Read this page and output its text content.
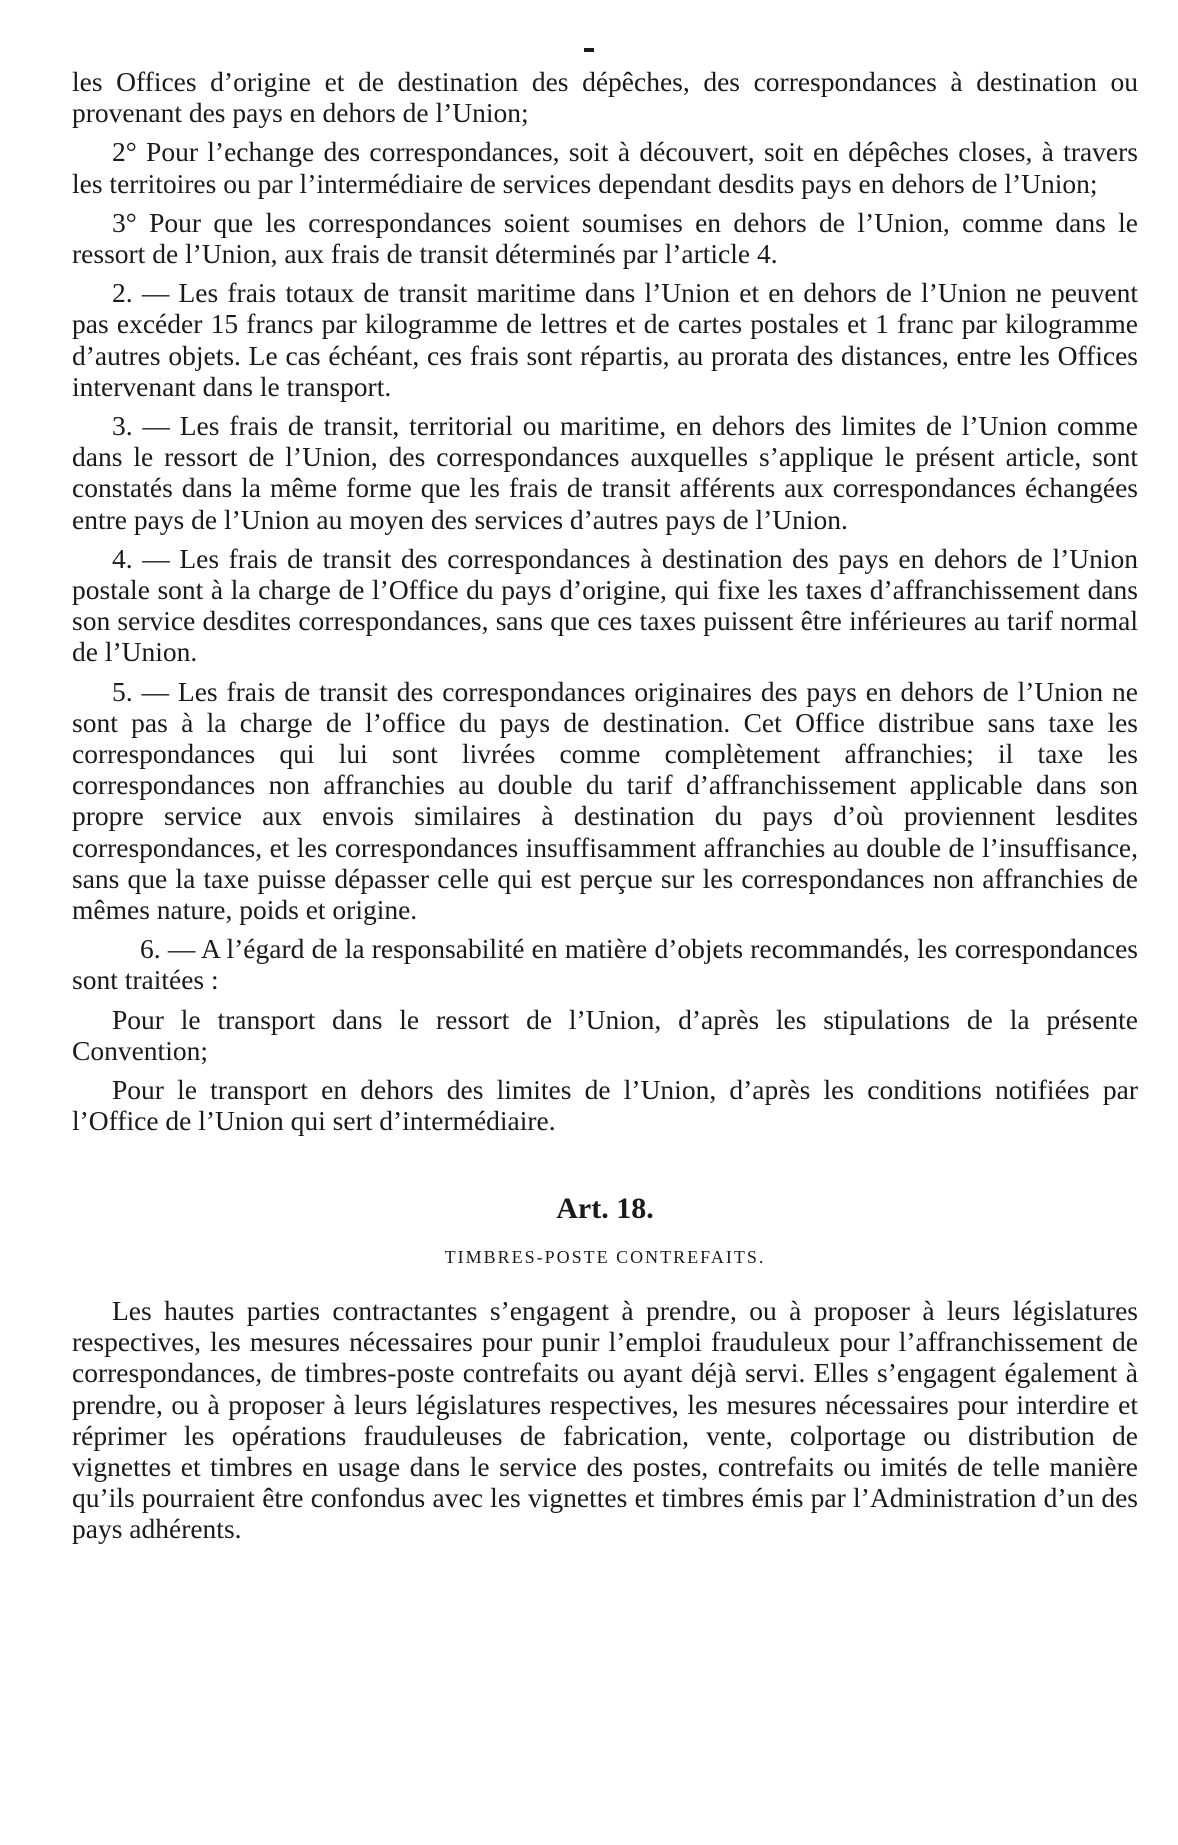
les Offices d’origine et de destination des dépêches, des correspondances à destination ou provenant des pays en dehors de l’Union;

2° Pour l’echange des correspondances, soit à découvert, soit en dépêches closes, à travers les territoires ou par l’intermédiaire de services dependant desdits pays en dehors de l’Union;

3° Pour que les correspondances soient soumises en dehors de l’Union, comme dans le ressort de l’Union, aux frais de transit déterminés par l’article 4.

2. — Les frais totaux de transit maritime dans l’Union et en dehors de l’Union ne peuvent pas excéder 15 francs par kilogramme de lettres et de cartes postales et 1 franc par kilogramme d’autres objets. Le cas échéant, ces frais sont répartis, au prorata des distances, entre les Offices intervenant dans le transport.

3. — Les frais de transit, territorial ou maritime, en dehors des limites de l’Union comme dans le ressort de l’Union, des correspondances auxquelles s’applique le présent article, sont constatés dans la même forme que les frais de transit afférents aux correspondances échangées entre pays de l’Union au moyen des services d’autres pays de l’Union.

4. — Les frais de transit des correspondances à destination des pays en dehors de l’Union postale sont à la charge de l’Office du pays d’origine, qui fixe les taxes d’affranchissement dans son service desdites correspondances, sans que ces taxes puissent être inférieures au tarif normal de l’Union.

5. — Les frais de transit des correspondances originaires des pays en dehors de l’Union ne sont pas à la charge de l’office du pays de destination. Cet Office distribue sans taxe les correspondances qui lui sont livrées comme complètement affranchies; il taxe les correspondances non affranchies au double du tarif d’affranchissement applicable dans son propre service aux envois similaires à destination du pays d’où proviennent lesdites correspondances, et les correspondances insuffisamment affranchies au double de l’insuffisance, sans que la taxe puisse dépasser celle qui est perçue sur les correspondances non affranchies de mêmes nature, poids et origine.

6. — A l’égard de la responsabilité en matière d’objets recommandés, les correspondances sont traitées :

Pour le transport dans le ressort de l’Union, d’après les stipulations de la présente Convention;

Pour le transport en dehors des limites de l’Union, d’après les conditions notifiées par l’Office de l’Union qui sert d’intermédiaire.

Art. 18.

TIMBRES-POSTE CONTREFAITS.

Les hautes parties contractantes s’engagent à prendre, ou à proposer à leurs législatures respectives, les mesures nécessaires pour punir l’emploi frauduleux pour l’affranchissement de correspondances, de timbres-poste contrefaits ou ayant déjà servi. Elles s’engagent également à prendre, ou à proposer à leurs législatures respectives, les mesures nécessaires pour interdire et réprimer les opérations frauduleuses de fabrication, vente, colportage ou distribution de vignettes et timbres en usage dans le service des postes, contrefaits ou imités de telle manière qu’ils pourraient être confondus avec les vignettes et timbres émis par l’Administration d’un des pays adhérents.
